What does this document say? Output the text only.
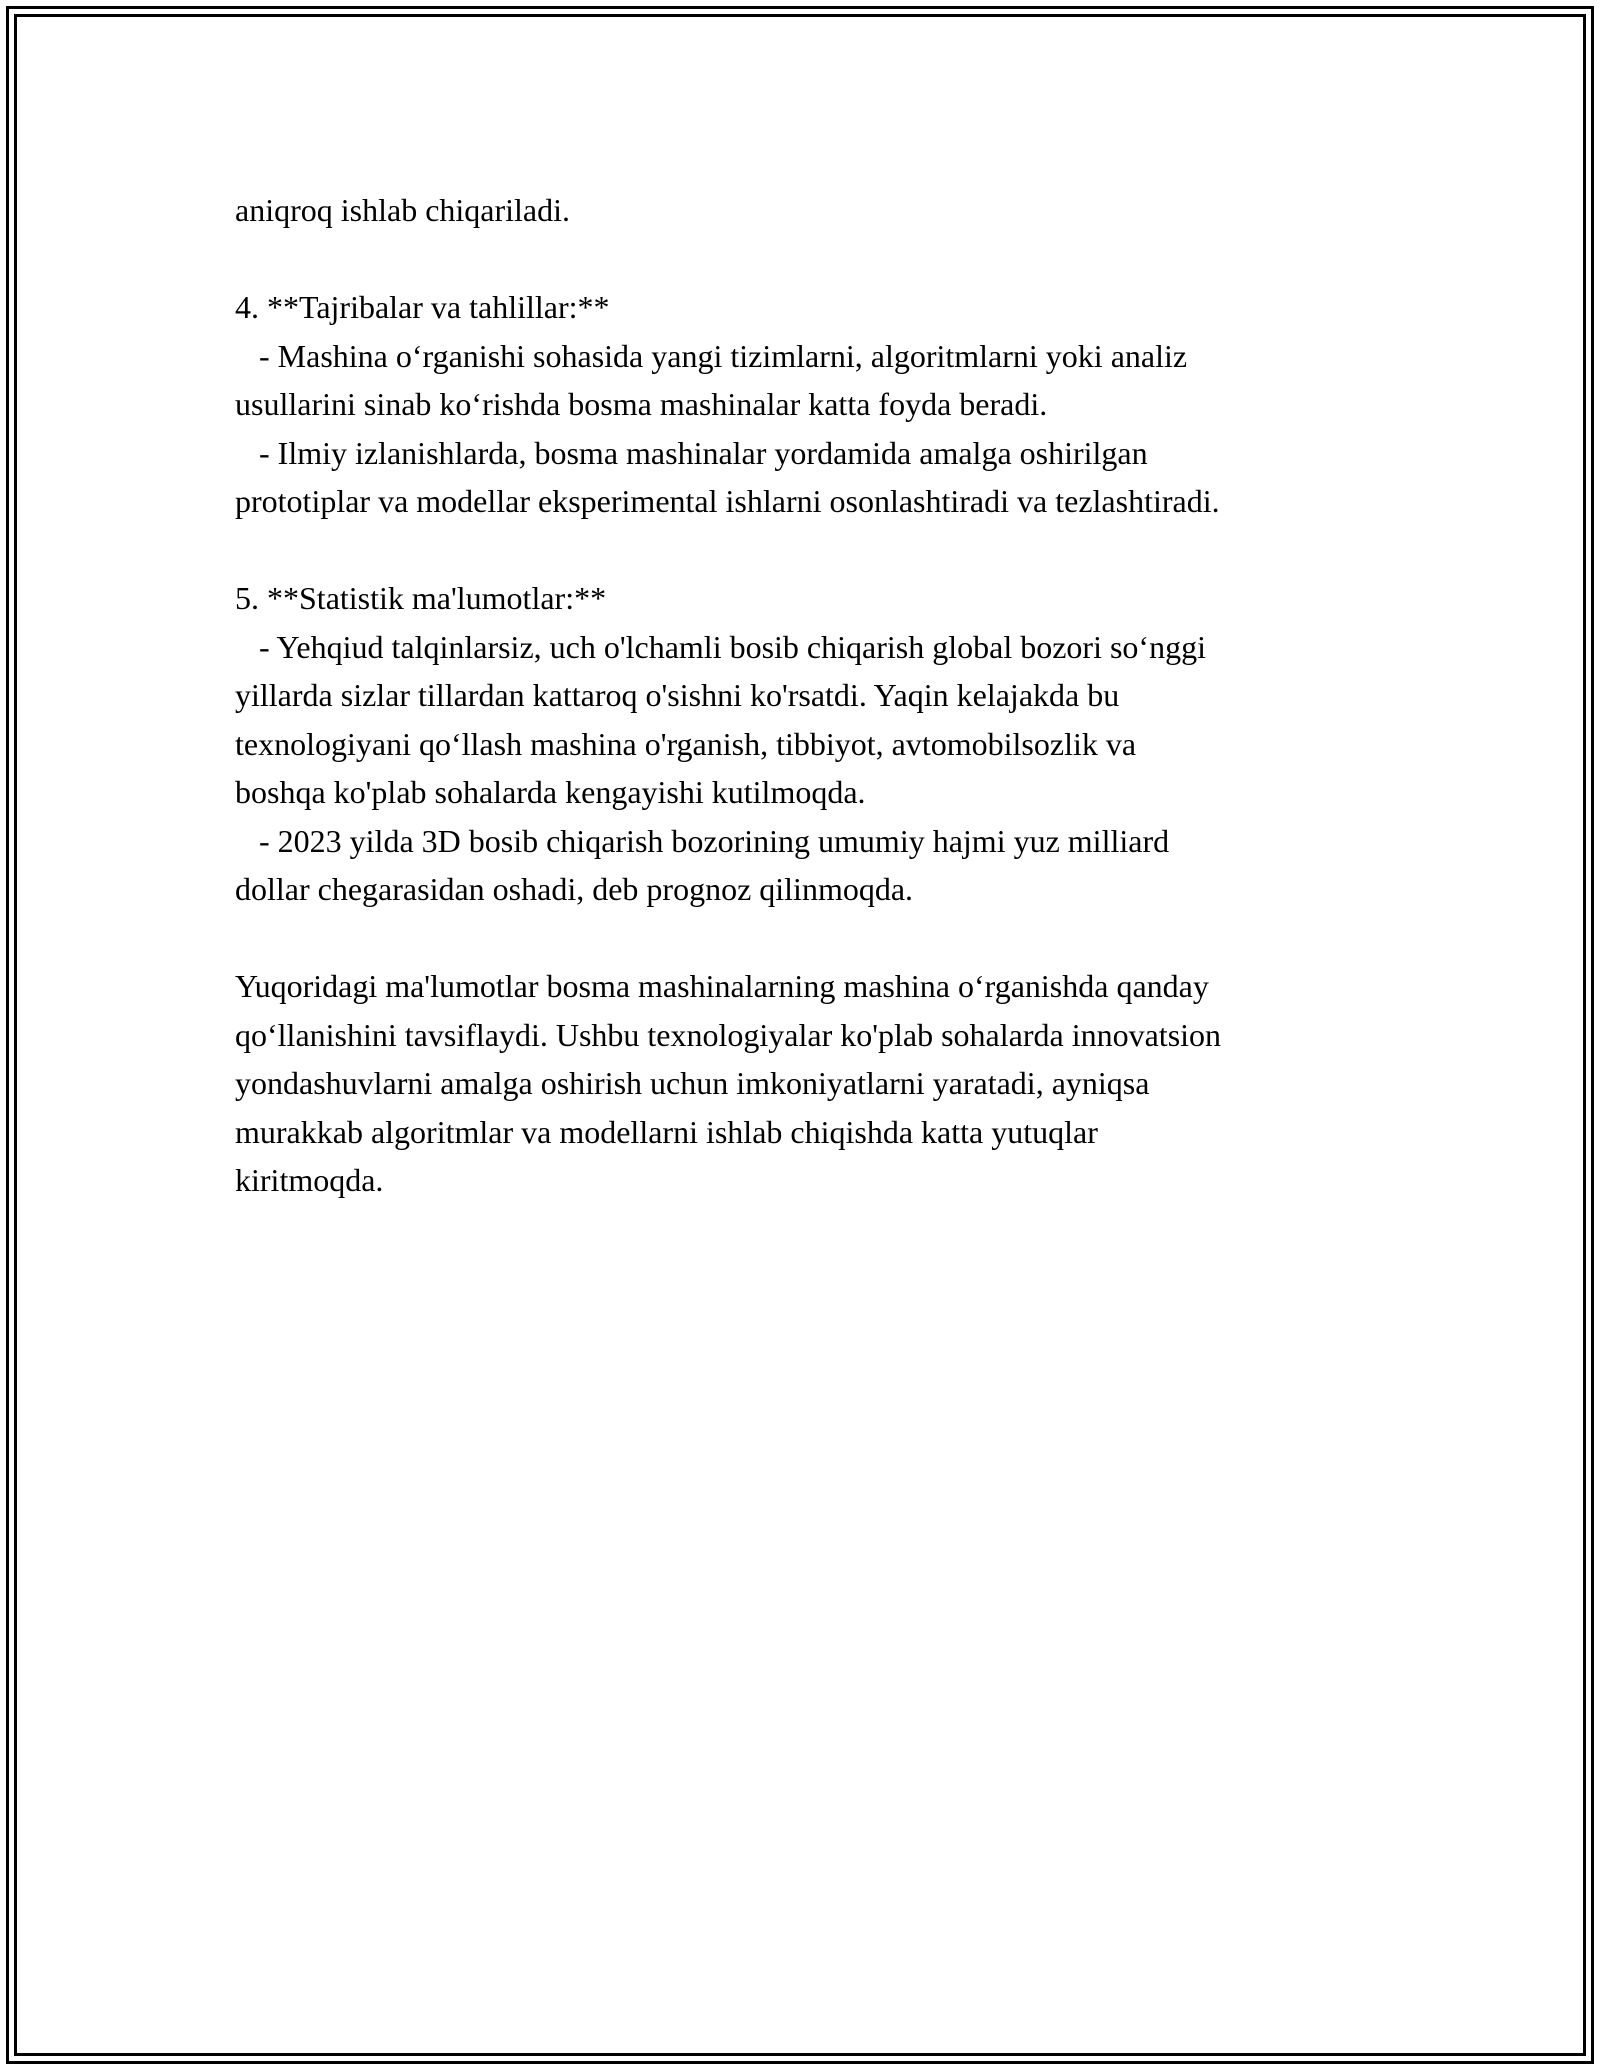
aniqroq ishlab chiqariladi.
4. **Tajribalar va tahlillar:**
- Mashina oʻrganishi sohasida yangi tizimlarni, algoritmlarni yoki analiz
usullarini sinab koʻrishda bosma mashinalar katta foyda beradi.
- Ilmiy izlanishlarda, bosma mashinalar yordamida amalga oshirilgan
prototiplar va modellar eksperimental ishlarni osonlashtiradi va tezlashtiradi.
5. **Statistik ma'lumotlar:**
- Yehqiud talqinlarsiz, uch o'lchamli bosib chiqarish global bozori soʻnggi
yillarda sizlar tillardan kattaroq o'sishni ko'rsatdi. Yaqin kelajakda bu
texnologiyani qoʻllash mashina o'rganish, tibbiyot, avtomobilsozlik va
boshqa ko'plab sohalarda kengayishi kutilmoqda.
- 2023 yilda 3D bosib chiqarish bozorining umumiy hajmi yuz milliard
dollar chegarasidan oshadi, deb prognoz qilinmoqda.
Yuqoridagi ma'lumotlar bosma mashinalarning mashina oʻrganishda qanday
qoʻllanishini tavsiflaydi. Ushbu texnologiyalar ko'plab sohalarda innovatsion
yondashuvlarni amalga oshirish uchun imkoniyatlarni yaratadi, ayniqsa
murakkab algoritmlar va modellarni ishlab chiqishda katta yutuqlar
kiritmoqda.
